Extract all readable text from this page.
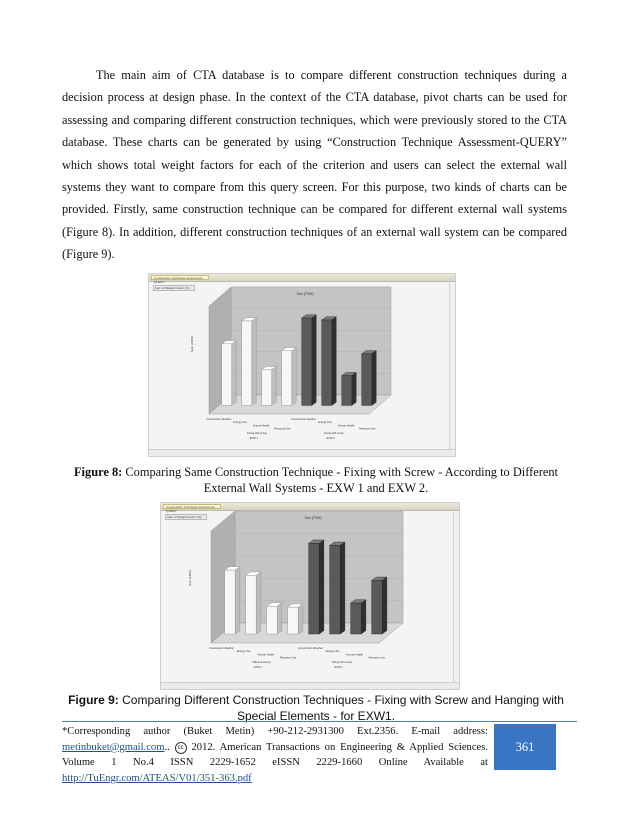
The main aim of CTA database is to compare different construction techniques during a decision process at design phase. In the context of the CTA database, pivot charts can be used for assessing and comparing different construction techniques, which were previously stored to the CTA database. These charts can be generated by using “Construction Technique Assessment-QUERY” which shows total weight factors for each of the criterion and users can select the external wall systems they want to compare from this query screen. For this purpose, two kinds of charts can be provided. Firstly, same construction technique can be compared for different external wall systems (Figure 8). In addition, different construction techniques of an external wall system can be compared (Figure 9).

Construction Technique Assessment-QUERY
Sum of Weight Factor (%)
Sum (FM%)
Sum (FM%)
Construction Weather
Energy Use
Human Health
Resource Use
Construction Weather
Energy Use
Human Health
Resource Use
Fixing with screw	Fixing with screw
EXW 1	EXW 2

Figure 8: Comparing Same Construction Technique - Fixing with Screw - According to Different External Wall Systems - EXW 1 and EXW 2.

Construction Technique Assessment-QUERY
Sum of Weight Factor (%)	Sum (FM%)
Sum (FM%)
Construction Weather
Energy Use
Human Health
Resource Use
Construction Weather
Energy Use
Human Health
Resource Use
Different joining	Fixing with screw
EXW 1	EXW 1

Figure 9: Comparing Different Construction Techniques - Fixing with Screw and Hanging with Special Elements - for EXW1.

*Corresponding author (Buket Metin) +90-212-2931300 Ext.2356. E-mail address: metinbuket@gmail.com.. cc 2012. American Transactions on Engineering & Applied Sciences. Volume 1 No.4 ISSN 2229-1652 eISSN 2229-1660 Online Available at http://TuEngr.com/ATEAS/V01/351-363.pdf
361
